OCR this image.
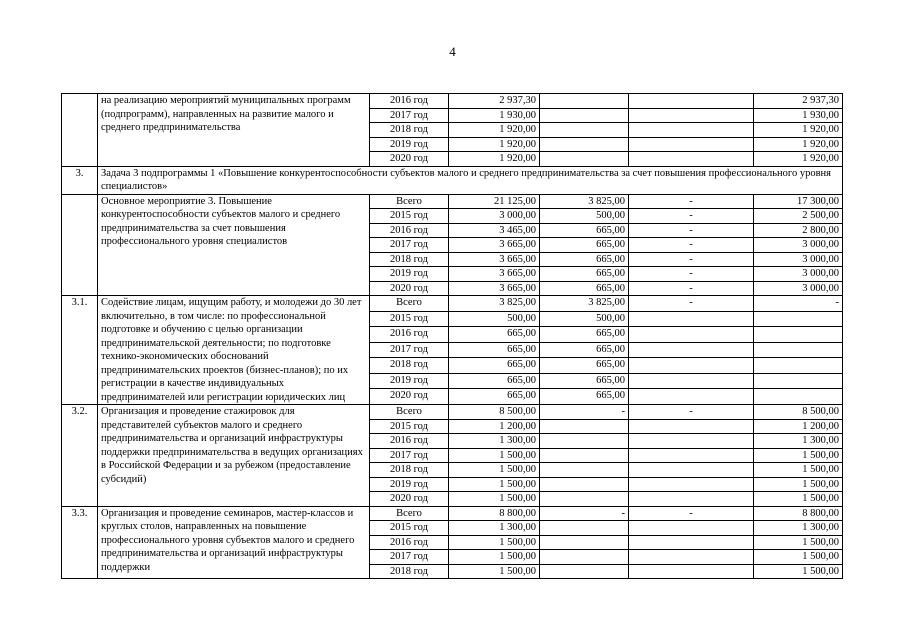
4
	на реализацию мероприятий муниципальных программ (подпрограмм), направленных на развитие малого и среднего предпринимательства	2016 год	2 937,30			2 937,30
		2017 год	1 930,00			1 930,00
		2018 год	1 920,00			1 920,00
		2019 год	1 920,00			1 920,00
		2020 год	1 920,00			1 920,00
3.	Задача 3 подпрограммы 1 «Повышение конкурентоспособности субъектов малого и среднего предпринимательства за счет повышения профессионального уровня специалистов»					
	Основное мероприятие 3. Повышение конкурентоспособности субъектов малого и среднего предпринимательства за счет повышения профессионального уровня специалистов	Всего	21 125,00	3 825,00	-	17 300,00
		2015 год	3 000,00	500,00	-	2 500,00
		2016 год	3 465,00	665,00	-	2 800,00
		2017 год	3 665,00	665,00	-	3 000,00
		2018 год	3 665,00	665,00	-	3 000,00
		2019 год	3 665,00	665,00	-	3 000,00
		2020 год	3 665,00	665,00	-	3 000,00
3.1.	Содействие лицам, ищущим работу, и молодежи до 30 лет включительно, в том числе: по профессиональной подготовке и обучению с целью организации предпринимательской деятельности; по подготовке технико-экономических обоснований предпринимательских проектов (бизнес-планов); по их регистрации в качестве индивидуальных предпринимателей или регистрации юридических лиц	Всего	3 825,00	3 825,00	-	-
		2015 год	500,00	500,00		
		2016 год	665,00	665,00		
		2017 год	665,00	665,00		
		2018 год	665,00	665,00		
		2019 год	665,00	665,00		
		2020 год	665,00	665,00		
3.2.	Организация и проведение стажировок для представителей субъектов малого и среднего предпринимательства и организаций инфраструктуры поддержки предпринимательства в ведущих организациях в Российской Федерации и за рубежом (предоставление субсидий)	Всего	8 500,00	-	-	8 500,00
		2015 год	1 200,00			1 200,00
		2016 год	1 300,00			1 300,00
		2017 год	1 500,00			1 500,00
		2018 год	1 500,00			1 500,00
		2019 год	1 500,00			1 500,00
		2020 год	1 500,00			1 500,00
3.3.	Организация и проведение семинаров, мастер-классов и круглых столов, направленных на повышение профессионального уровня субъектов малого и среднего предпринимательства и организаций инфраструктуры поддержки	Всего	8 800,00	-	-	8 800,00
		2015 год	1 300,00			1 300,00
		2016 год	1 500,00			1 500,00
		2017 год	1 500,00			1 500,00
		2018 год	1 500,00			1 500,00
